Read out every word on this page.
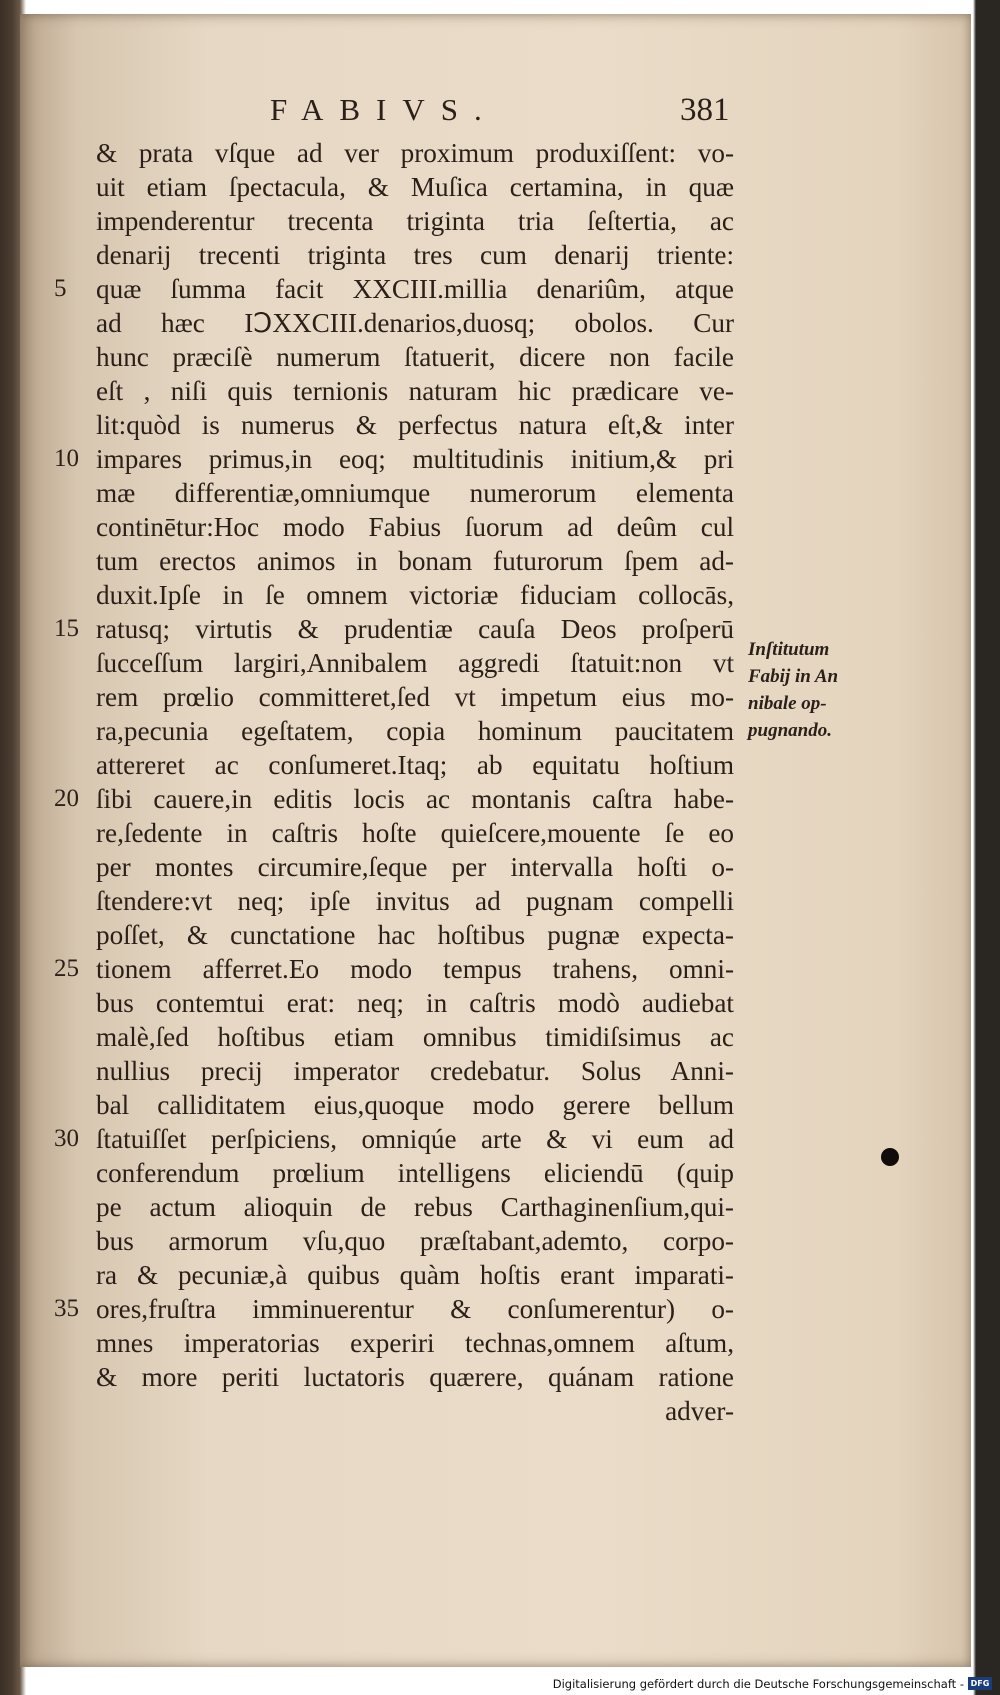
FABIVS.	381
& prata vſque ad ver proximum produxiſſent: vo-
uit etiam ſpectacula, & Muſica certamina, in quæ
impenderentur trecenta triginta tria ſeſtertia, ac
denarij trecenti triginta tres cum denarij triente:
5	quæ ſumma facit XXCIII.millia denariûm, atque
ad hæc IↃXXCIII.denarios,duosq; obolos. Cur
hunc præciſè numerum ſtatuerit, dicere non facile
eſt , niſi quis ternionis naturam hic prædicare ve-
lit:quòd is numerus & perfectus natura eſt,& inter
10 impares primus,in eoq; multitudinis initium,& pri
mæ differentiæ,omniumque numerorum elementa
continētur:Hoc modo Fabius ſuorum ad deûm cul
tum erectos animos in bonam futurorum ſpem ad-
duxit.Ipſe in ſe omnem victoriæ fiduciam collocās,
15 ratusq; virtutis & prudentiæ cauſa Deos proſperū
ſucceſſum largiri,Annibalem aggredi ſtatuit:non vt
rem prœlio committeret,ſed vt impetum eius mo-
ra,pecunia egeſtatem, copia hominum paucitatem
attereret ac conſumeret.Itaq; ab equitatu hoſtium
20 ſibi cauere,in editis locis ac montanis caſtra habe-
re,ſedente in caſtris hoſte quieſcere,mouente ſe eo
per montes circumire,ſeque per intervalla hoſti o-
ſtendere:vt neq; ipſe invitus ad pugnam compelli
poſſet, & cunctatione hac hoſtibus pugnæ expecta-
25 tionem afferret.Eo modo tempus trahens, omni-
bus contemtui erat: neq; in caſtris modò audiebat
malè,ſed hoſtibus etiam omnibus timidiſsimus ac
nullius precij imperator credebatur. Solus Anni-
bal calliditatem eius,quoque modo gerere bellum
30 ſtatuiſſet perſpiciens, omniqúe arte & vi eum ad
conferendum prœlium intelligens eliciendū (quip
pe actum alioquin de rebus Carthaginenſium,qui-
bus armorum vſu,quo præſtabant,ademto, corpo-
ra & pecuniæ,à quibus quàm hoſtis erant imparati-
35 ores,fruſtra imminuerentur & conſumerentur) o-
mnes imperatorias experiri technas,omnem aſtum,
& more periti luctatoris quærere, quánam ratione
adver-
Inſtitutum
Fabij in An
nibale op-
pugnando.
Digitalisierung gefördert durch die Deutsche Forschungsgemeinschaft - DFG
